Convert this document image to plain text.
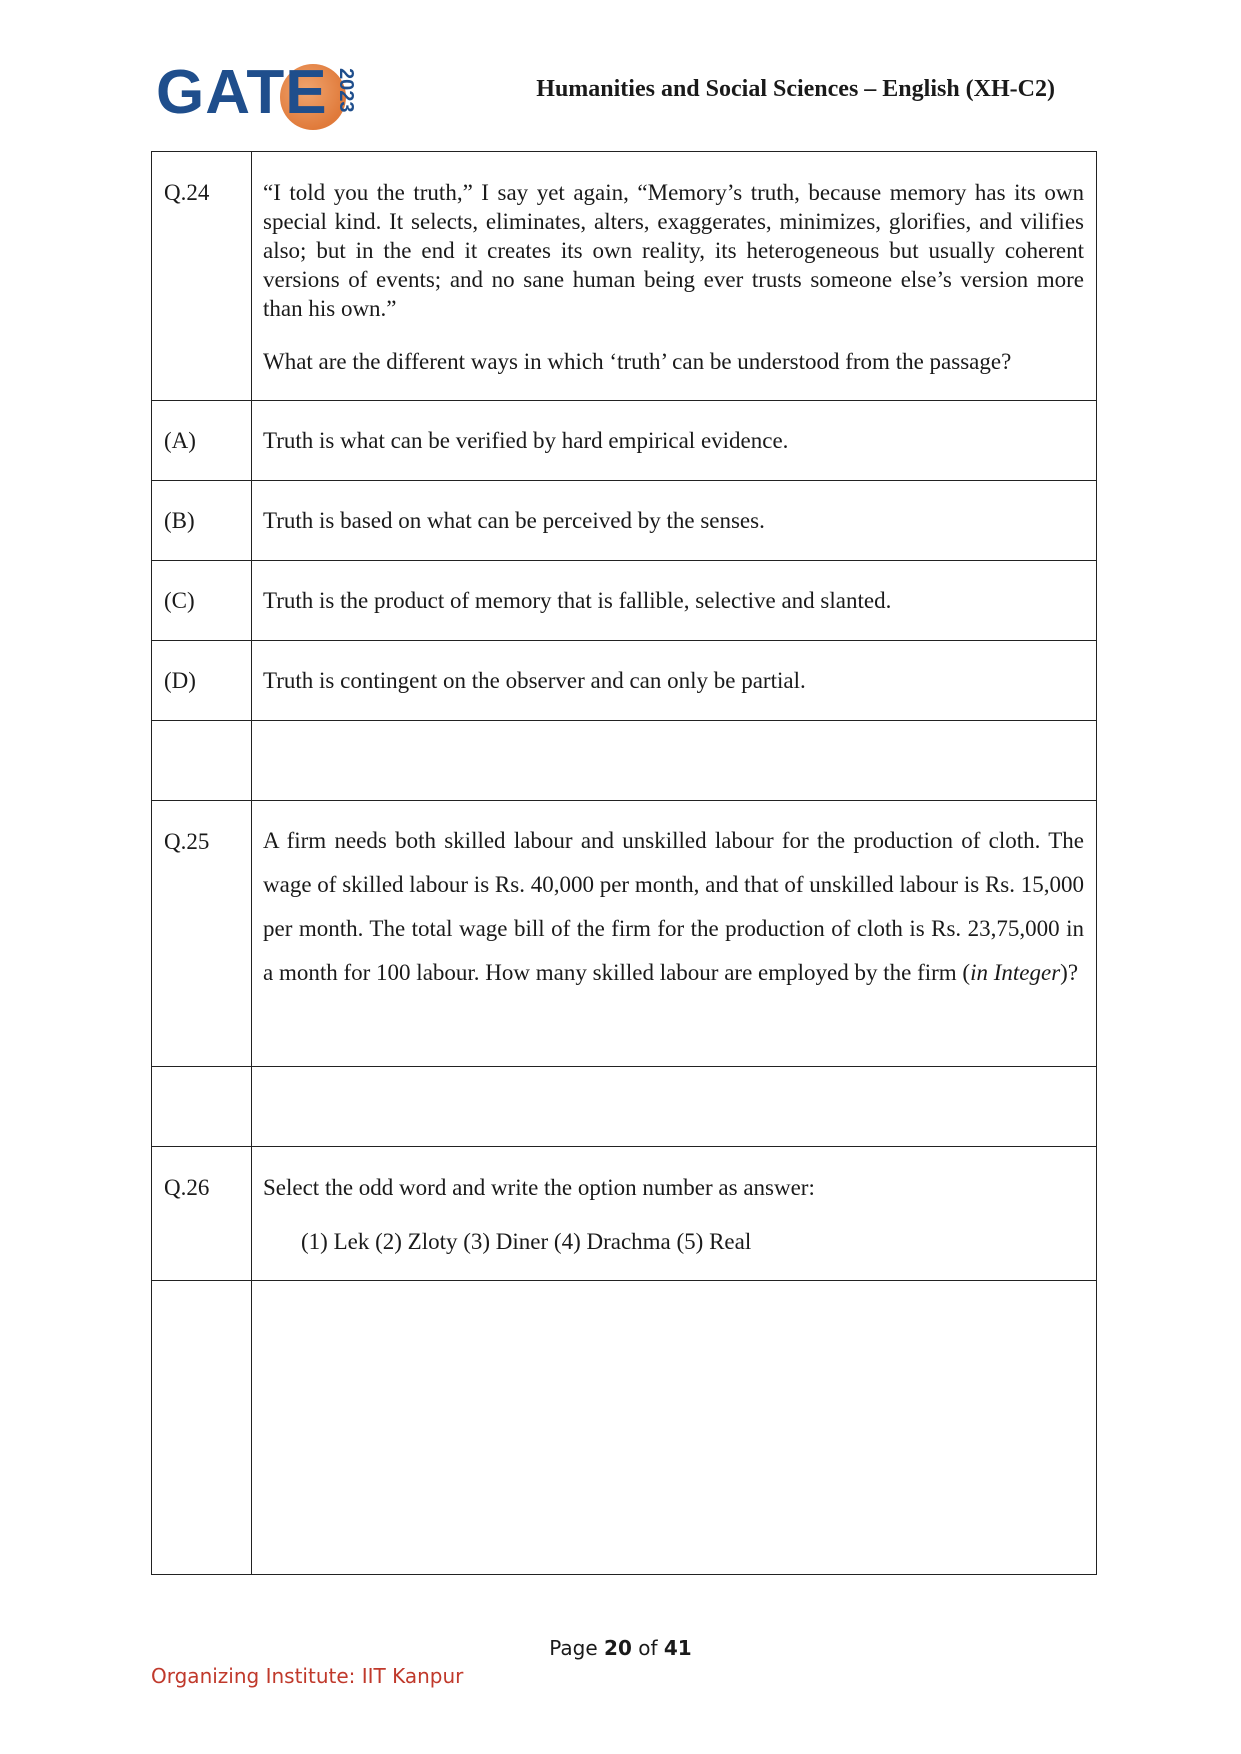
GATE 2023	Humanities and Social Sciences – English (XH-C2)
Q.24	“I told you the truth,” I say yet again, “Memory’s truth, because memory has its own special kind. It selects, eliminates, alters, exaggerates, minimizes, glorifies, and vilifies also; but in the end it creates its own reality, its heterogeneous but usually coherent versions of events; and no sane human being ever trusts someone else’s version more than his own.”
What are the different ways in which ‘truth’ can be understood from the passage?

(A)	Truth is what can be verified by hard empirical evidence.
(B)	Truth is based on what can be perceived by the senses.
(C)	Truth is the product of memory that is fallible, selective and slanted.
(D)	Truth is contingent on the observer and can only be partial.

Q.25	A firm needs both skilled labour and unskilled labour for the production of cloth. The wage of skilled labour is Rs. 40,000 per month, and that of unskilled labour is Rs. 15,000 per month. The total wage bill of the firm for the production of cloth is Rs. 23,75,000 in a month for 100 labour. How many skilled labour are employed by the firm (in Integer)?

Q.26	Select the odd word and write the option number as answer:
(1) Lek (2) Zloty (3) Diner (4) Drachma (5) Real

Page 20 of 41
Organizing Institute: IIT Kanpur
